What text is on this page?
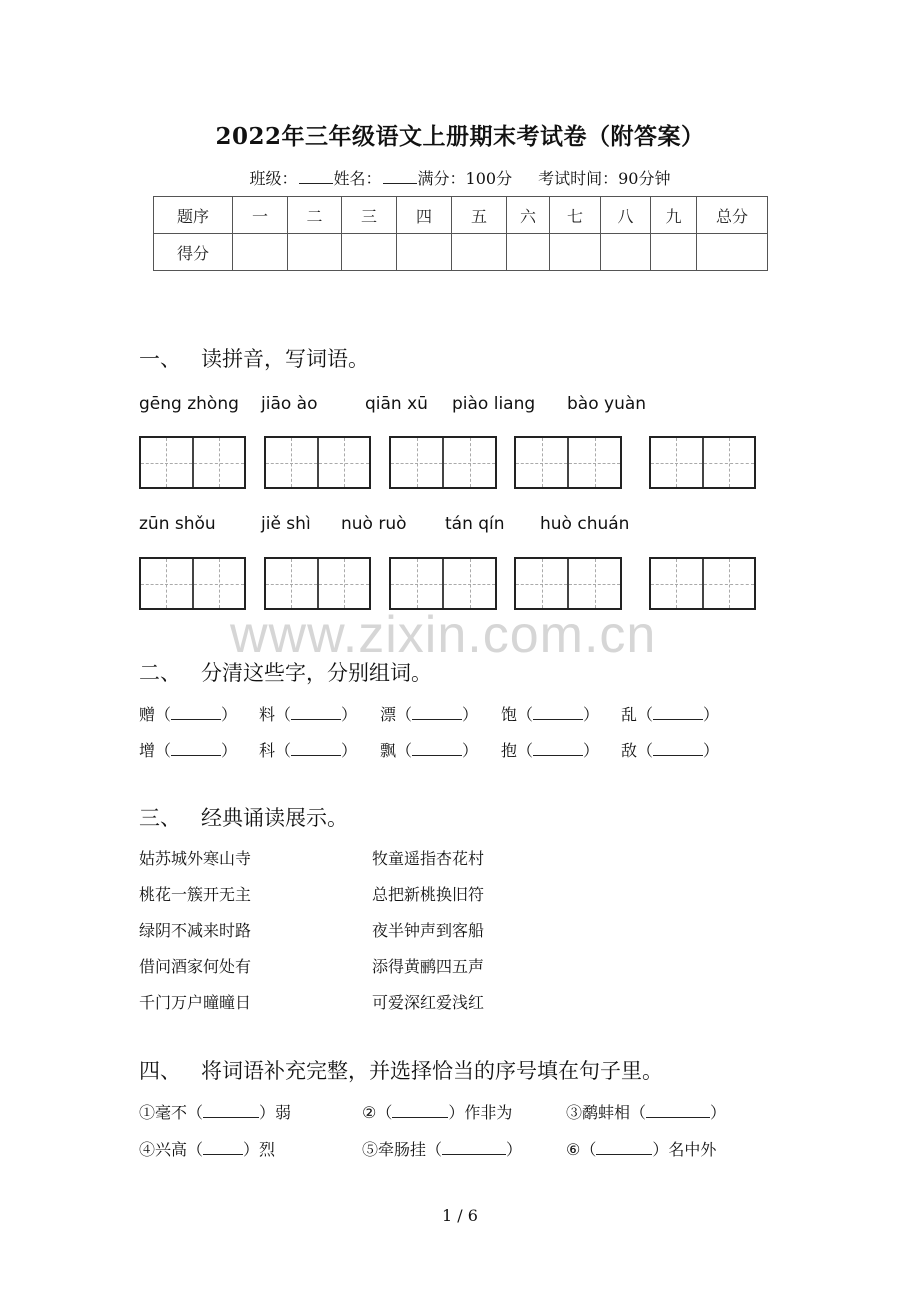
2022年三年级语文上册期末考试卷（附答案）
班级： 姓名： 满分：100分 考试时间：90分钟
题序	一	二	三	四	五	六	七	八	九	总分
得分										
一、 读拼音，写词语。
gēng zhòng jiāo ào	qiān xū piào liang bào yuàn
zūn shǒu	jiě shì nuò ruò tán qín huò chuán
www.zixin.com.cn
二、 分清这些字，分别组词。
赠（	） 料（	） 漂（	） 饱（	） 乱（	）
增（	） 科（	） 飘（	） 抱（	） 敌（	）
三、 经典诵读展示。
姑苏城外寒山寺	牧童遥指杏花村
桃花一簇开无主	总把新桃换旧符
绿阴不减来时路	夜半钟声到客船
借问酒家何处有	添得黄鹂四五声
千门万户曈曈日	可爱深红爱浅红
四、 将词语补充完整，并选择恰当的序号填在句子里。
①毫不（	）弱	②（	）作非为	③鹬蚌相（	）
④兴高（	）烈	⑤牵肠挂（	）	⑥（	）名中外
1 / 6
